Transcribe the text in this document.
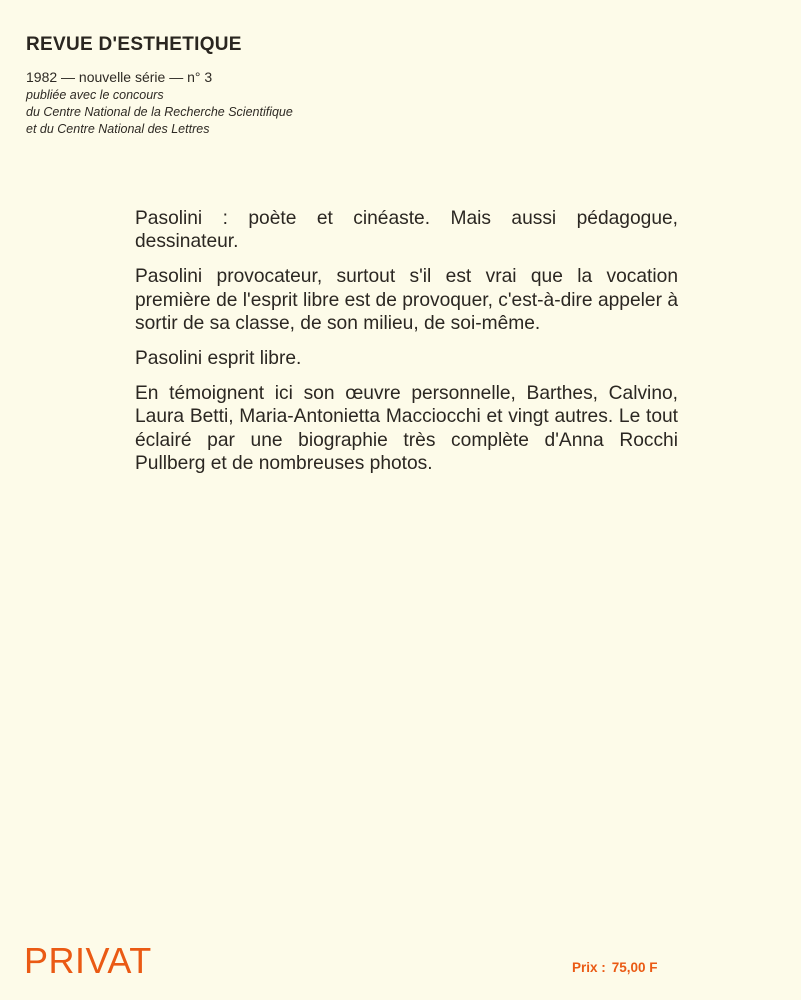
REVUE D'ESTHETIQUE

1982 — nouvelle série — n° 3

publiée avec le concours

du Centre National de la Recherche Scientifique

et du Centre National des Lettres

Pasolini : poète et cinéaste. Mais aussi pédagogue, dessinateur.

Pasolini provocateur, surtout s'il est vrai que la vocation première de l'esprit libre est de provoquer, c'est-à-dire appeler à sortir de sa classe, de son milieu, de soi-même.

Pasolini esprit libre.

En témoignent ici son œuvre personnelle, Barthes, Calvino, Laura Betti, Maria-Antonietta Macciocchi et vingt autres. Le tout éclairé par une biographie très complète d'Anna Rocchi Pullberg et de nombreuses photos.

PRIVAT	Prix : 75,00 F
